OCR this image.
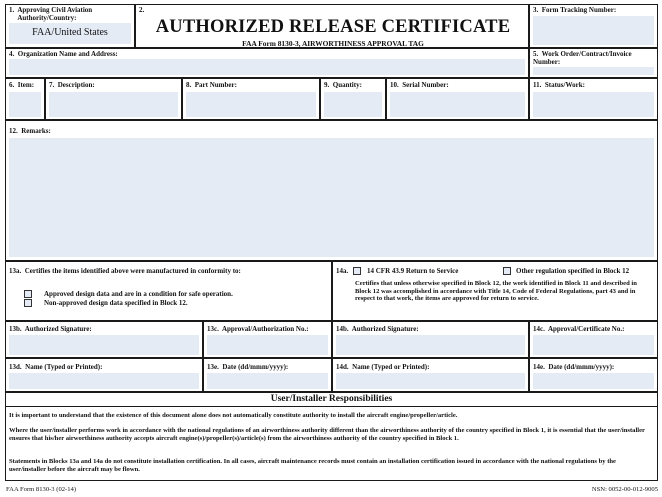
1.  Approving Civil Aviation
Authority/Country:
FAA/United States
2.
AUTHORIZED RELEASE CERTIFICATE
FAA Form 8130-3, AIRWORTHINESS APPROVAL TAG
3.  Form Tracking Number:
4.  Organization Name and Address:	5.  Work Order/Contract/Invoice
Number:
6.  Item: 7.  Description:	8.  Part Number:	9.  Quantity:	10.  Serial Number:	11.  Status/Work:
12.  Remarks:
13a.  Certifies the items identified above were manufactured in conformity to:
Approved design data and are in a condition for safe operation.
Non-approved design data specified in Block 12.
14a.	14 CFR 43.9 Return to Service	Other regulation specified in Block 12
Certifies that unless otherwise specified in Block 12, the work identified in Block 11 and described in Block 12 was accomplished in accordance with Title 14, Code of Federal Regulations, part 43 and in respect to that work, the items are approved for return to service.
13b.  Authorized Signature:	13c.  Approval/Authorization No.:	14b.  Authorized Signature:	14c.  Approval/Certificate No.:
13d.  Name (Typed or Printed):	13e.  Date (dd/mmm/yyyy):	14d.  Name (Typed or Printed):	14e.  Date (dd/mmm/yyyy):
User/Installer Responsibilities
It is important to understand that the existence of this document alone does not automatically constitute authority to install the aircraft engine/propeller/article.
Where the user/installer performs work in accordance with the national regulations of an airworthiness authority different than the airworthiness authority of the country specified in Block 1, it is essential that the user/installer ensures that his/her airworthiness authority accepts aircraft engine(s)/propeller(s)/article(s) from the airworthiness authority of the country specified in Block 1.
Statements in Blocks 13a and 14a do not constitute installation certification. In all cases, aircraft maintenance records must contain an installation certification issued in accordance with the national regulations by the user/installer before the aircraft may be flown.
FAA Form 8130-3 (02-14)	NSN: 0052-00-012-9005
